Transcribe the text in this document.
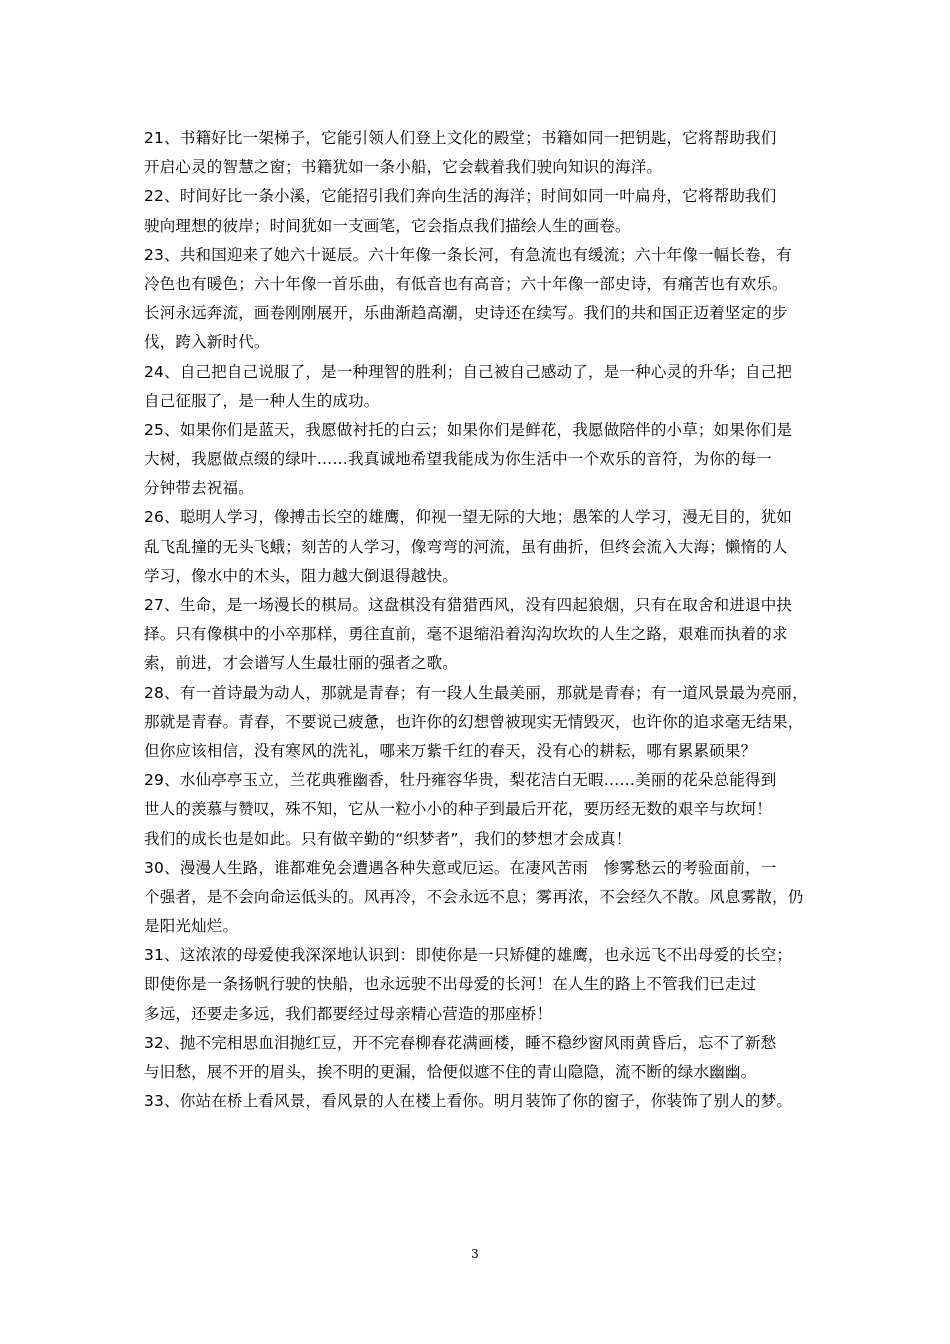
21、书籍好比一架梯子，它能引领人们登上文化的殿堂；书籍如同一把钥匙，它将帮助我们
开启心灵的智慧之窗；书籍犹如一条小船，它会载着我们驶向知识的海洋。
22、时间好比一条小溪，它能招引我们奔向生活的海洋；时间如同一叶扁舟，它将帮助我们
驶向理想的彼岸；时间犹如一支画笔，它会指点我们描绘人生的画卷。
23、共和国迎来了她六十诞辰。六十年像一条长河，有急流也有缓流；六十年像一幅长卷，有
冷色也有暖色；六十年像一首乐曲，有低音也有高音；六十年像一部史诗，有痛苦也有欢乐。
长河永远奔流，画卷刚刚展开，乐曲渐趋高潮，史诗还在续写。我们的共和国正迈着坚定的步
伐，跨入新时代。
24、自己把自己说服了，是一种理智的胜利；自己被自己感动了，是一种心灵的升华；自己把
自己征服了，是一种人生的成功。
25、如果你们是蓝天，我愿做衬托的白云；如果你们是鲜花，我愿做陪伴的小草；如果你们是
大树，我愿做点缀的绿叶……我真诚地希望我能成为你生活中一个欢乐的音符，为你的每一
分钟带去祝福。
26、聪明人学习，像搏击长空的雄鹰，仰视一望无际的大地；愚笨的人学习，漫无目的，犹如
乱飞乱撞的无头飞蛾；刻苦的人学习，像弯弯的河流，虽有曲折，但终会流入大海；懒惰的人
学习，像水中的木头，阻力越大倒退得越快。
27、生命，是一场漫长的棋局。这盘棋没有猎猎西风，没有四起狼烟，只有在取舍和进退中抉
择。只有像棋中的小卒那样，勇往直前，毫不退缩沿着沟沟坎坎的人生之路，艰难而执着的求
索，前进，才会谱写人生最壮丽的强者之歌。
28、有一首诗最为动人，那就是青春；有一段人生最美丽，那就是青春；有一道风景最为亮丽，
那就是青春。青春，不要说己疲惫，也许你的幻想曾被现实无情毁灭，也许你的追求毫无结果，
但你应该相信，没有寒风的洗礼，哪来万紫千红的春天，没有心的耕耘，哪有累累硕果？
29、水仙亭亭玉立，兰花典雅幽香，牡丹雍容华贵，梨花洁白无暇……美丽的花朵总能得到
世人的羡慕与赞叹，殊不知，它从一粒小小的种子到最后开花，要历经无数的艰辛与坎坷！
我们的成长也是如此。只有做辛勤的“织梦者”，我们的梦想才会成真！
30、漫漫人生路，谁都难免会遭遇各种失意或厄运。在凄风苦雨　惨雾愁云的考验面前，一
个强者，是不会向命运低头的。风再冷，不会永远不息；雾再浓，不会经久不散。风息雾散，仍
是阳光灿烂。
31、这浓浓的母爱使我深深地认识到：即使你是一只矫健的雄鹰，也永远飞不出母爱的长空；
即使你是一条扬帆行驶的快船，也永远驶不出母爱的长河！在人生的路上不管我们已走过
多远，还要走多远，我们都要经过母亲精心营造的那座桥！
32、抛不完相思血泪抛红豆，开不完春柳春花满画楼，睡不稳纱窗风雨黄昏后，忘不了新愁
与旧愁，展不开的眉头，挨不明的更漏，恰便似遮不住的青山隐隐，流不断的绿水幽幽。
33、你站在桥上看风景，看风景的人在楼上看你。明月装饰了你的窗子，你装饰了别人的梦。
3
